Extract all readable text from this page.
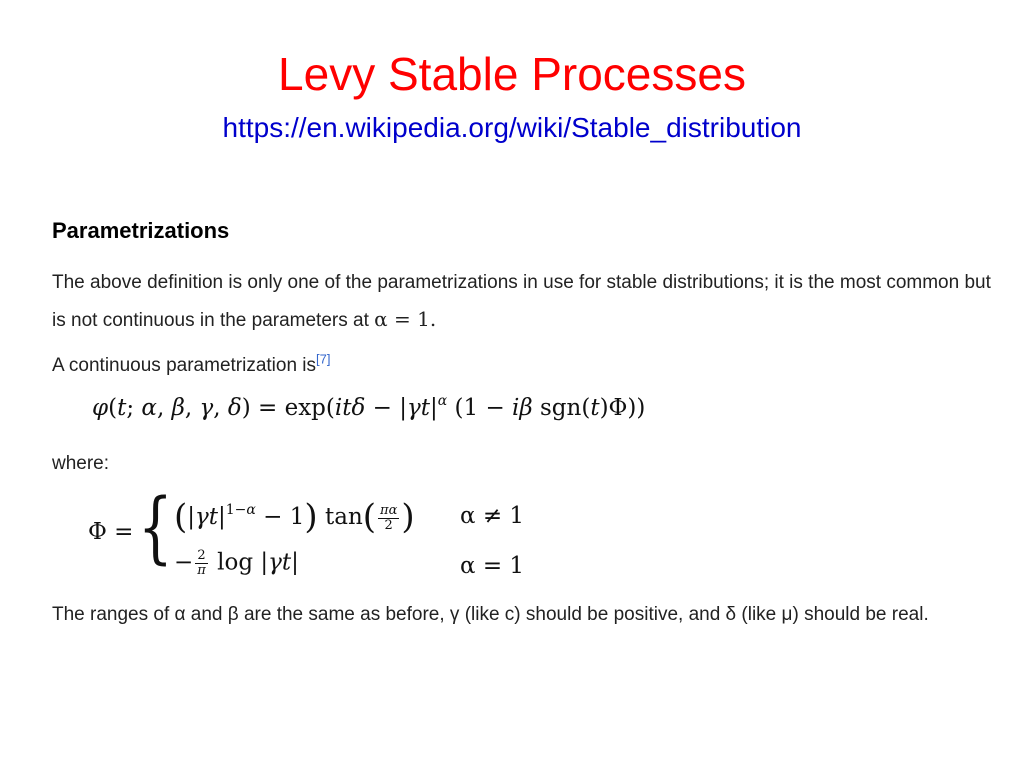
Levy Stable Processes
https://en.wikipedia.org/wiki/Stable_distribution
Parametrizations
The above definition is only one of the parametrizations in use for stable distributions; it is the most common but is not continuous in the parameters at α = 1.
A continuous parametrization is[7]
φ(t; α, β, γ, $\delta) = \exp(it\delta - |\gamma t|^\alpha$ (1 − iβ sgn(t)Φ))
where:
Φ = { $(|\gamma t|^{1-\alpha} - 1)$ $\tan( \frac{\pi\alpha}{2}$ ) α ≠ 1
− $\frac{2}{\pi}$ log |γt|	α = 1
The ranges of α and β are the same as before, γ (like c) should be positive, and δ (like μ) should be real.
